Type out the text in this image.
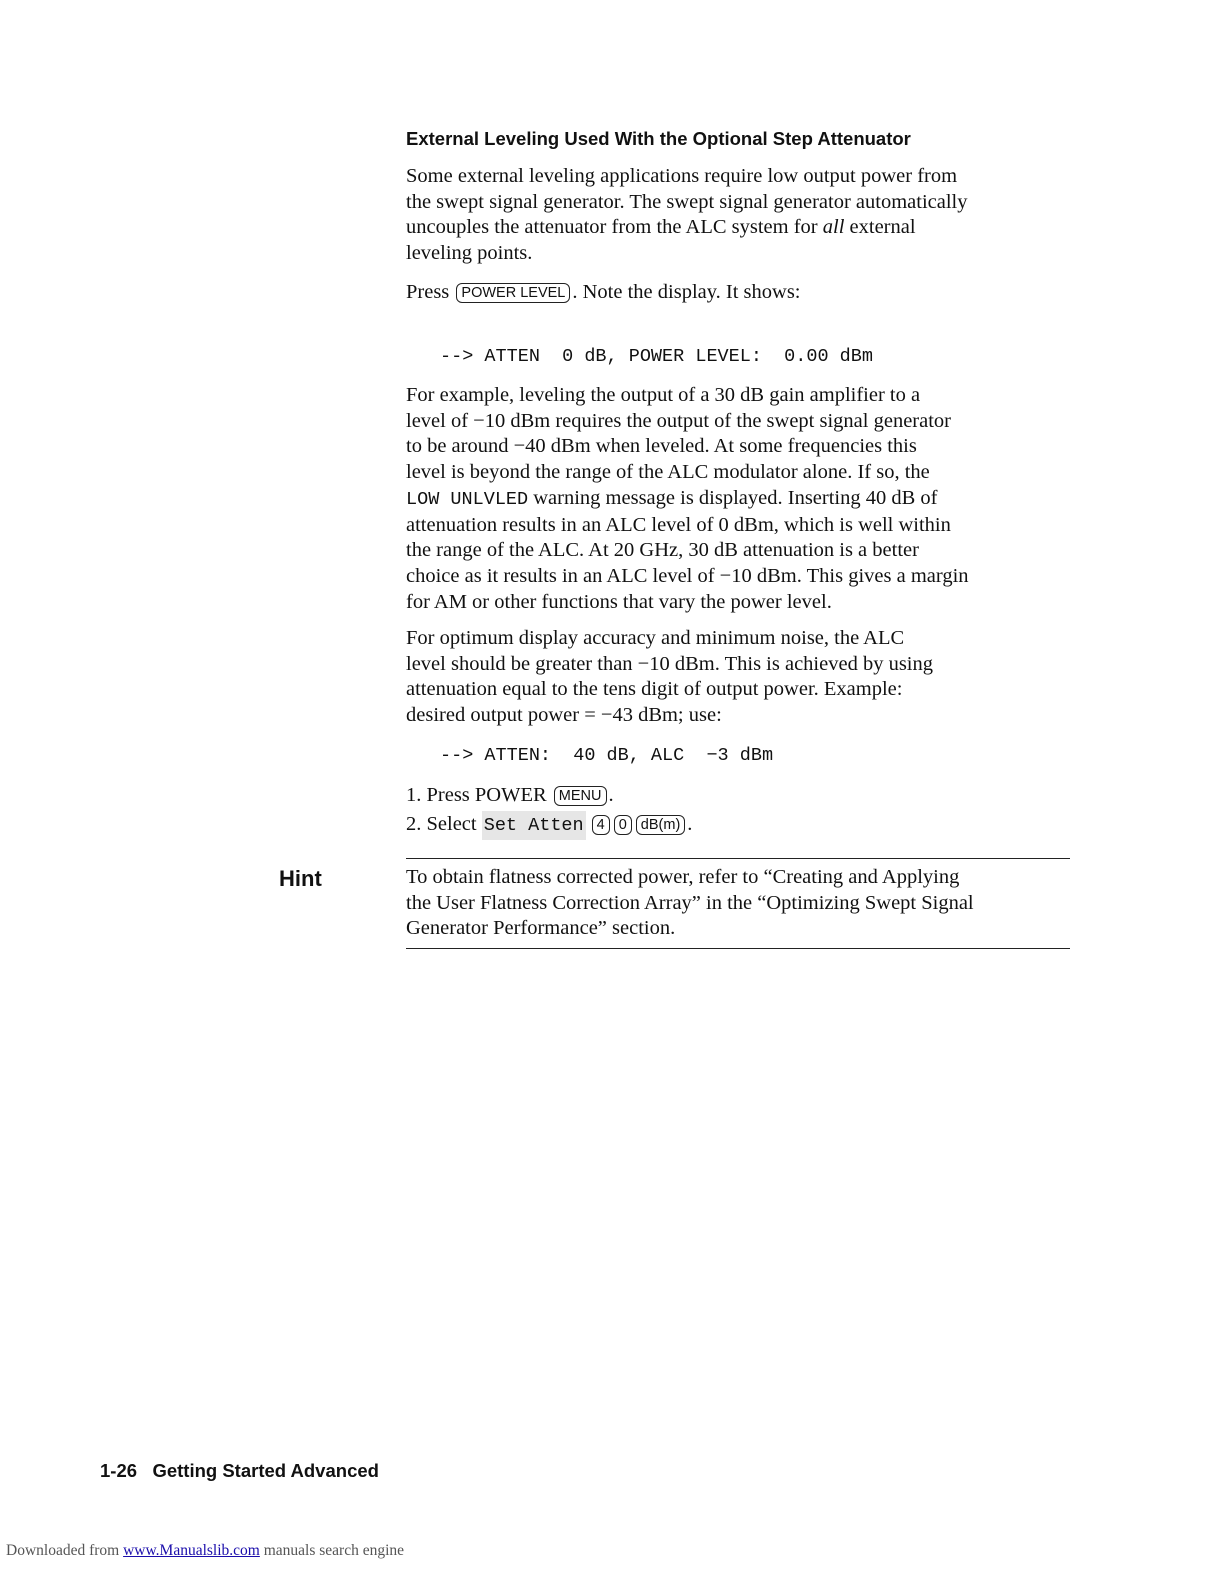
External Leveling Used With the Optional Step Attenuator

Some external leveling applications require low output power from
the swept signal generator. The swept signal generator automatically
uncouples the attenuator from the ALC system for all external
leveling points.

Press POWER LEVEL . Note the display. It shows:
--> ATTEN  0 dB, POWER LEVEL:  0.00 dBm

For example, leveling the output of a 30 dB gain amplifier to a
level of −10 dBm requires the output of the swept signal generator
to be around −40 dBm when leveled. At some frequencies this
level is beyond the range of the ALC modulator alone. If so, the
LOW UNLVLED warning message is displayed. Inserting 40 dB of
attenuation results in an ALC level of 0 dBm, which is well within
the range of the ALC. At 20 GHz, 30 dB attenuation is a better
choice as it results in an ALC level of −10 dBm. This gives a margin
for AM or other functions that vary the power level.

For optimum display accuracy and minimum noise, the ALC
level should be greater than −10 dBm. This is achieved by using
attenuation equal to the tens digit of output power. Example:
desired output power = −43 dBm; use:

--> ATTEN:  40 dB, ALC  −3 dBm
1. Press POWER MENU .
2. Select Set Atten 4 0 dB(m) .
Hint	To obtain flatness corrected power, refer to “Creating and Applying
the User Flatness Correction Array” in the “Optimizing Swept Signal
Generator Performance” section.

1-26 Getting Started Advanced
Downloaded from www.Manualslib.com manuals search engine
